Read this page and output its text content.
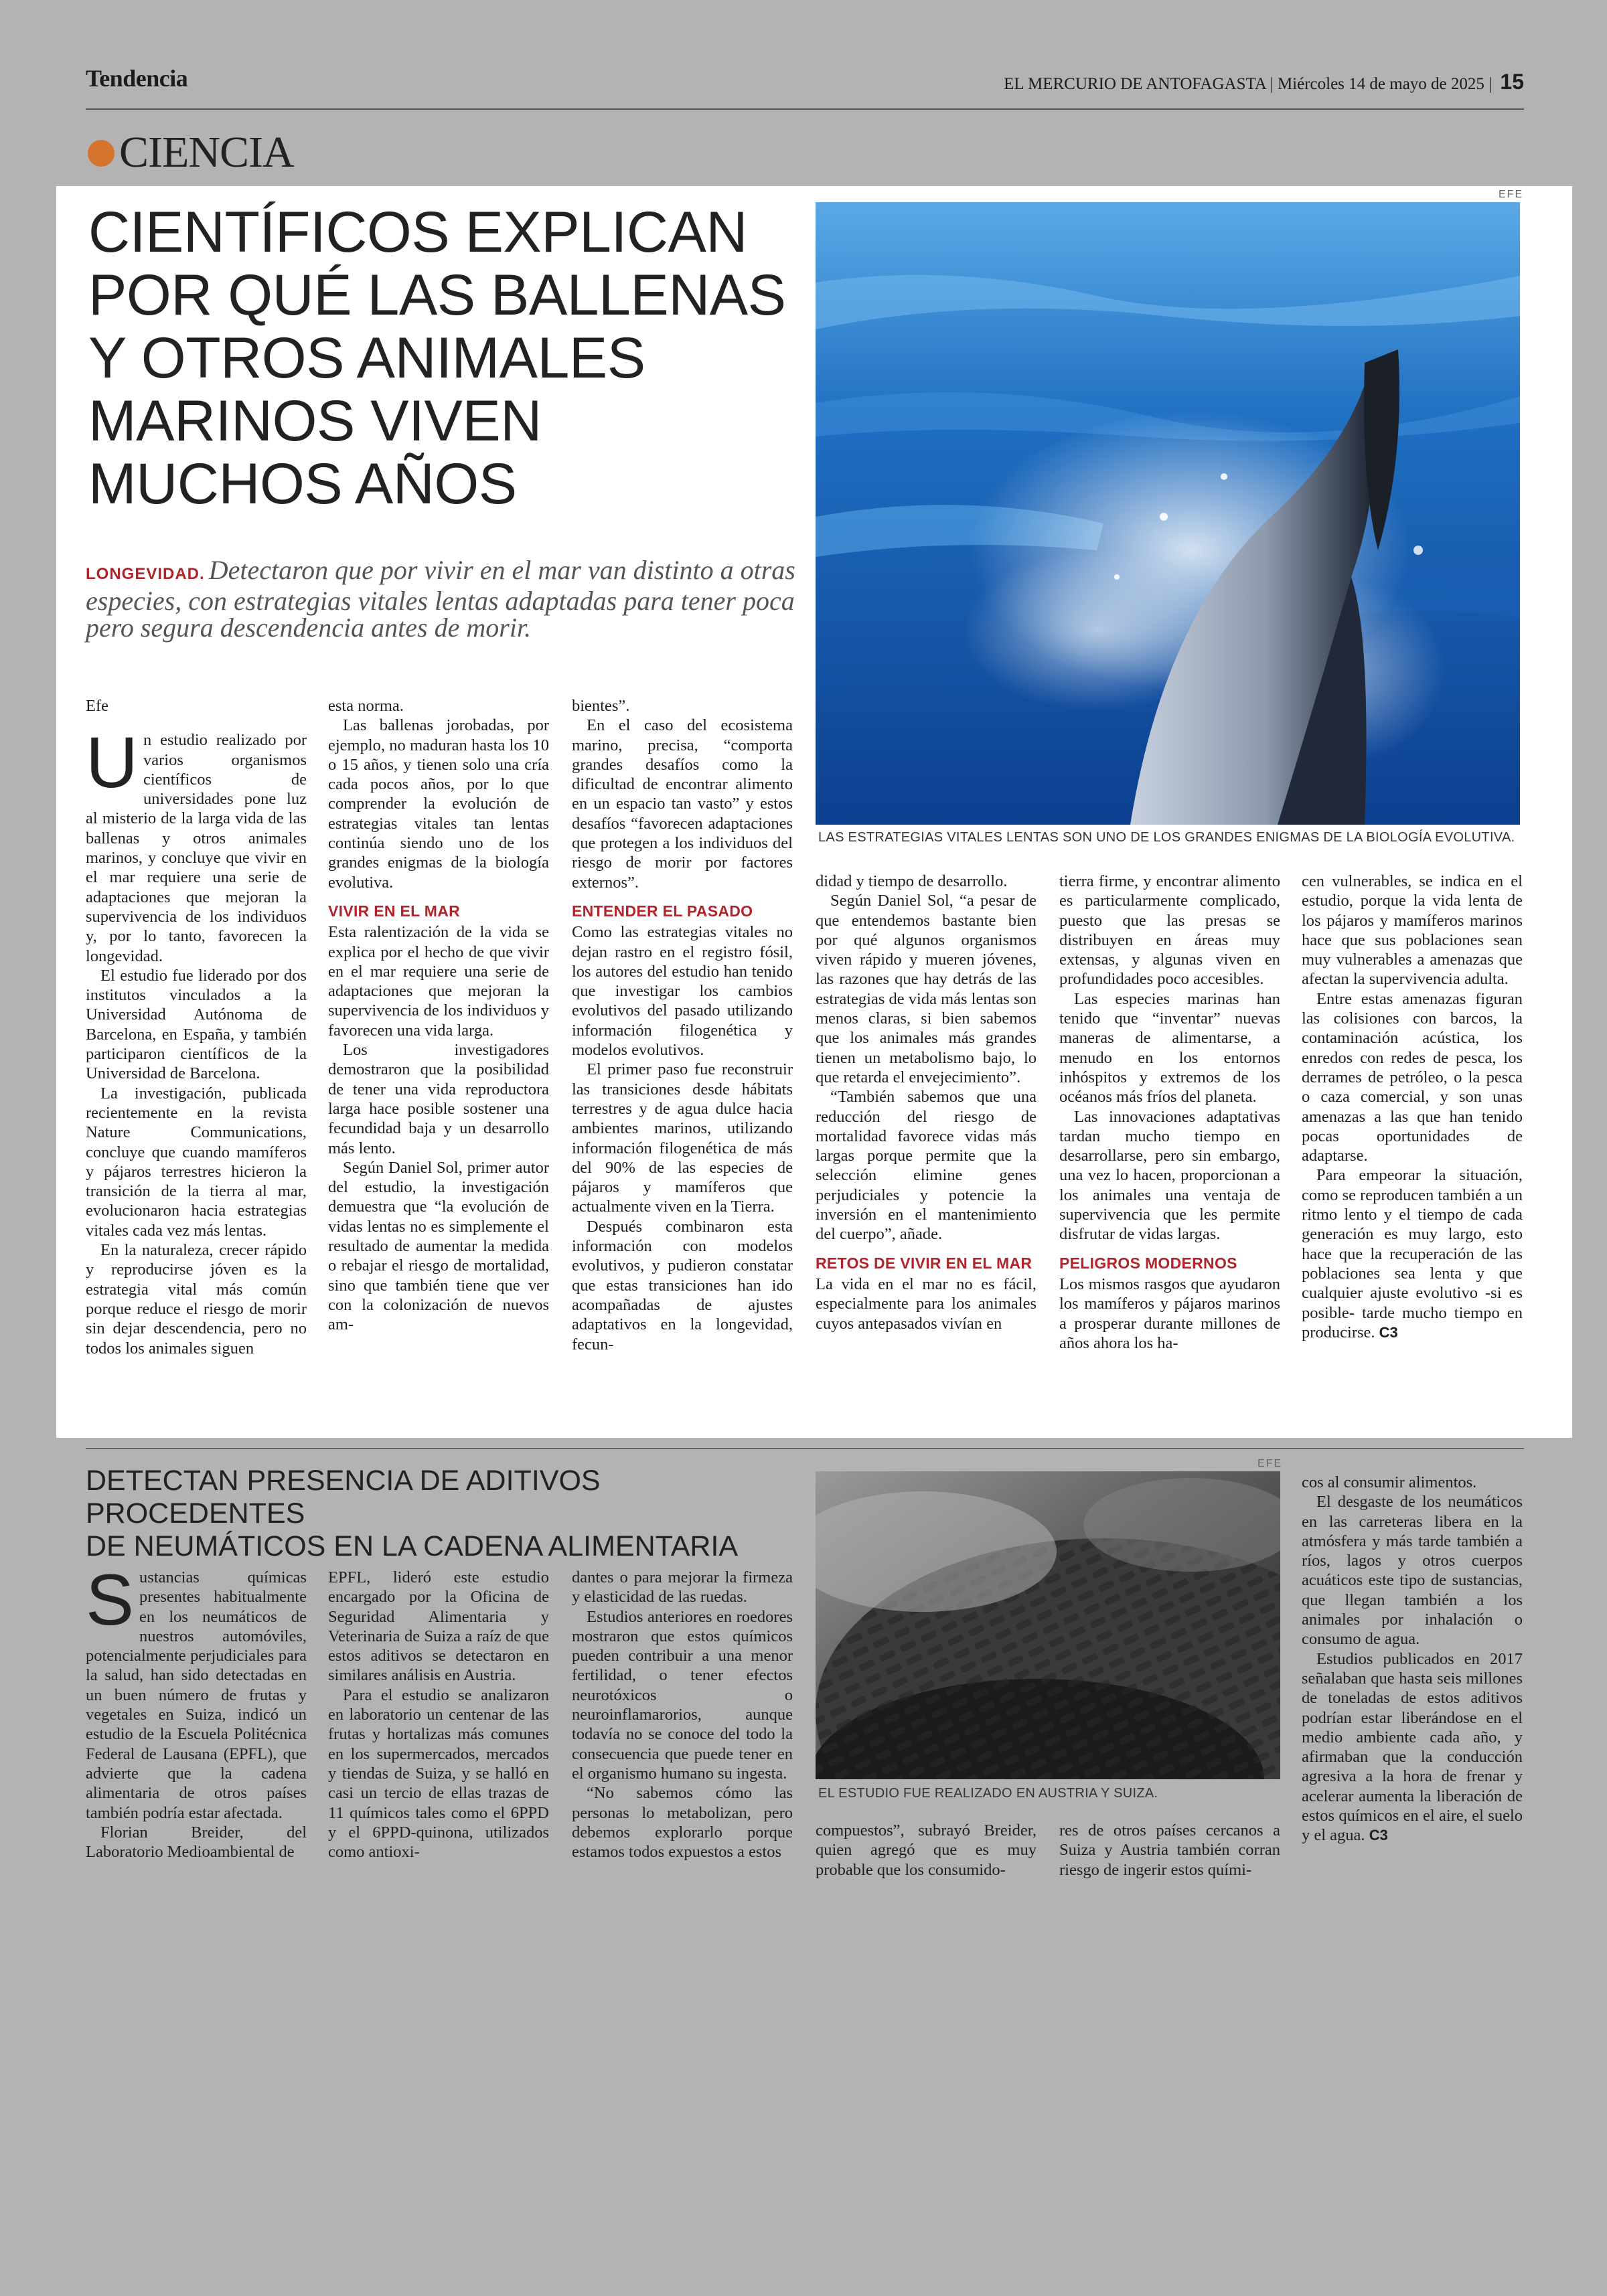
Tendencia	EL MERCURIO DE ANTOFAGASTA | Miércoles 14 de mayo de 2025 | 15
CIENCIA
CIENTÍFICOS EXPLICAN
POR QUÉ LAS BALLENAS
Y OTROS ANIMALES
MARINOS VIVEN
MUCHOS AÑOS
LONGEVIDAD. Detectaron que por vivir en el mar van distinto a otras especies, con estrategias vitales lentas adaptadas para tener poca pero segura descendencia antes de morir.
EFE
LAS ESTRATEGIAS VITALES LENTAS SON UNO DE LOS GRANDES ENIGMAS DE LA BIOLOGÍA EVOLUTIVA.

Efe

Un estudio realizado por varios organismos científicos de universidades pone luz al misterio de la larga vida de las ballenas y otros animales marinos, y concluye que vivir en el mar requiere una serie de adaptaciones que mejoran la supervivencia de los individuos y, por lo tanto, favorecen la longevidad.

El estudio fue liderado por dos institutos vinculados a la Universidad Autónoma de Barcelona, en España, y también participaron científicos de la Universidad de Barcelona.

La investigación, publicada recientemente en la revista Nature Communications, concluye que cuando mamíferos y pájaros terrestres hicieron la transición de la tierra al mar, evolucionaron hacia estrategias vitales cada vez más lentas.

En la naturaleza, crecer rápido y reproducirse jóven es la estrategia vital más común porque reduce el riesgo de morir sin dejar descendencia, pero no todos los animales siguen

esta norma.

Las ballenas jorobadas, por ejemplo, no maduran hasta los 10 o 15 años, y tienen solo una cría cada pocos años, por lo que comprender la evolución de estrategias vitales tan lentas continúa siendo uno de los grandes enigmas de la biología evolutiva.

VIVIR EN EL MAR

Esta ralentización de la vida se explica por el hecho de que vivir en el mar requiere una serie de adaptaciones que mejoran la supervivencia de los individuos y favorecen una vida larga.

Los investigadores demostraron que la posibilidad de tener una vida reproductora larga hace posible sostener una fecundidad baja y un desarrollo más lento.

Según Daniel Sol, primer autor del estudio, la investigación demuestra que “la evolución de vidas lentas no es simplemente el resultado de aumentar la medida o rebajar el riesgo de mortalidad, sino que también tiene que ver con la colonización de nuevos am-

bientes”.

En el caso del ecosistema marino, precisa, “comporta grandes desafíos como la dificultad de encontrar alimento en un espacio tan vasto” y estos desafíos “favorecen adaptaciones que protegen a los individuos del riesgo de morir por factores externos”.

ENTENDER EL PASADO

Como las estrategias vitales no dejan rastro en el registro fósil, los autores del estudio han tenido que investigar los cambios evolutivos del pasado utilizando información filogenética y modelos evolutivos.

El primer paso fue reconstruir las transiciones desde hábitats terrestres y de agua dulce hacia ambientes marinos, utilizando información filogenética de más del 90% de las especies de pájaros y mamíferos que actualmente viven en la Tierra.

Después combinaron esta información con modelos evolutivos, y pudieron constatar que estas transiciones han ido acompañadas de ajustes adaptativos en la longevidad, fecun-

didad y tiempo de desarrollo.

Según Daniel Sol, “a pesar de que entendemos bastante bien por qué algunos organismos viven rápido y mueren jóvenes, las razones que hay detrás de las estrategias de vida más lentas son menos claras, si bien sabemos que los animales más grandes tienen un metabolismo bajo, lo que retarda el envejecimiento”.

“También sabemos que una reducción del riesgo de mortalidad favorece vidas más largas porque permite que la selección elimine genes perjudiciales y potencie la inversión en el mantenimiento del cuerpo”, añade.

RETOS DE VIVIR EN EL MAR

La vida en el mar no es fácil, especialmente para los animales cuyos antepasados vivían en

tierra firme, y encontrar alimento es particularmente complicado, puesto que las presas se distribuyen en áreas muy extensas, y algunas viven en profundidades poco accesibles.

Las especies marinas han tenido que “inventar” nuevas maneras de alimentarse, a menudo en los entornos inhóspitos y extremos de los océanos más fríos del planeta.

Las innovaciones adaptativas tardan mucho tiempo en desarrollarse, pero sin embargo, una vez lo hacen, proporcionan a los animales una ventaja de supervivencia que les permite disfrutar de vidas largas.

PELIGROS MODERNOS

Los mismos rasgos que ayudaron los mamíferos y pájaros marinos a prosperar durante millones de años ahora los ha-

cen vulnerables, se indica en el estudio, porque la vida lenta de los pájaros y mamíferos marinos hace que sus poblaciones sean muy vulnerables a amenazas que afectan la supervivencia adulta.

Entre estas amenazas figuran las colisiones con barcos, la contaminación acústica, los enredos con redes de pesca, los derrames de petróleo, o la pesca o caza comercial, y son unas amenazas a las que han tenido pocas oportunidades de adaptarse.

Para empeorar la situación, como se reproducen también a un ritmo lento y el tiempo de cada generación es muy largo, esto hace que la recuperación de las poblaciones sea lenta y que cualquier ajuste evolutivo -si es posible- tarde mucho tiempo en producirse. C3

DETECTAN PRESENCIA DE ADITIVOS PROCEDENTES
DE NEUMÁTICOS EN LA CADENA ALIMENTARIA
EFE
EL ESTUDIO FUE REALIZADO EN AUSTRIA Y SUIZA.

Sustancias químicas presentes habitualmente en los neumáticos de nuestros automóviles, potencialmente perjudiciales para la salud, han sido detectadas en un buen número de frutas y vegetales en Suiza, indicó un estudio de la Escuela Politécnica Federal de Lausana (EPFL), que advierte que la cadena alimentaria de otros países también podría estar afectada.

Florian Breider, del Laboratorio Medioambiental de

EPFL, lideró este estudio encargado por la Oficina de Seguridad Alimentaria y Veterinaria de Suiza a raíz de que estos aditivos se detectaron en similares análisis en Austria.

Para el estudio se analizaron en laboratorio un centenar de las frutas y hortalizas más comunes en los supermercados, mercados y tiendas de Suiza, y se halló en casi un tercio de ellas trazas de 11 químicos tales como el 6PPD y el 6PPD-quinona, utilizados como antioxi-

dantes o para mejorar la firmeza y elasticidad de las ruedas.

Estudios anteriores en roedores mostraron que estos químicos pueden contribuir a una menor fertilidad, o tener efectos neurotóxicos o neuroinflamarorios, aunque todavía no se conoce del todo la consecuencia que puede tener en el organismo humano su ingesta.

“No sabemos cómo las personas lo metabolizan, pero debemos explorarlo porque estamos todos expuestos a estos

compuestos”, subrayó Breider, quien agregó que es muy probable que los consumido-

res de otros países cercanos a Suiza y Austria también corran riesgo de ingerir estos quími-

cos al consumir alimentos.

El desgaste de los neumáticos en las carreteras libera en la atmósfera y más tarde también a ríos, lagos y otros cuerpos acuáticos este tipo de sustancias, que llegan también a los animales por inhalación o consumo de agua.

Estudios publicados en 2017 señalaban que hasta seis millones de toneladas de estos aditivos podrían estar liberándose en el medio ambiente cada año, y afirmaban que la conducción agresiva a la hora de frenar y acelerar aumenta la liberación de estos químicos en el aire, el suelo y el agua. C3
